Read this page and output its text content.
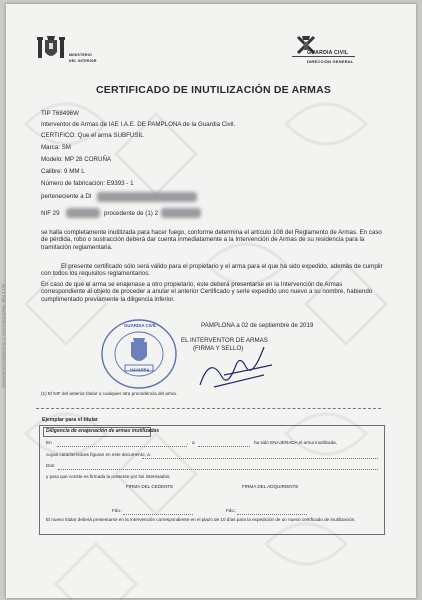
MINISTERIO
DEL INTERIOR
GUARDIA CIVIL
DIRECCIÓN GENERAL
CERTIFICADO DE INUTILIZACIÓN DE ARMAS
TIP T68496W
Interventor de Armas de IAE I.A.E. DE PAMPLONA de la Guardia Civil.
CERTIFICO: Que el arma SUBFUSIL
Marca: SM
Modelo: MP 28 CORUÑA
Calibre: 9 MM L
Número de fabricación: E9393 - 1
perteneciente a DI
NIF 29	procedente de (1) 2
se halla completamente inutilizada para hacer fuego, conforme determina el artículo 108 del Reglamento de Armas. En caso de pérdida, robo o sustracción deberá dar cuenta inmediatamente a la Intervención de Armas de su residencia para la tramitación reglamentaria.
El presente certificado sólo será válido para el propietario y el arma para el que ha sido expedido, además de cumplir con todos los requisitos reglamentarios.
En caso de que el arma se enajenase a otro propietario, este deberá presentarse en la Intervención de Armas correspondiente al objeto de proceder a anular el anterior Certificado y serle expedido uno nuevo a su nombre, habiendo cumplimentado previamente la diligencia inferior.
PAMPLONA a 02 de septiembre de 2019
EL INTERVENTOR DE ARMAS
(FIRMA Y SELLO)
GUARDIA CIVIL
NAVARRA
(1) El NIF del anterior titular o cualquier otra procedencia del arma.
Asociación Pro Huérfanos G. C. (Imprenta Escuela) - Mod. 1.128
Ejemplar para el titular
Diligencia de enajenación de armas inutilizadas
En	, a	ha sido ENAJENADA el arma inutilizada,
cuyas características figuran en este documento, a:
Don
y para que conste es firmada la presente por los interesados.
FIRMA DEL CEDENTE	FIRMA DEL ADQUIRIENTE
Fdo.:	Fdo.:
El nuevo titular deberá presentarse en la Intervención correspondiente en el plazo de 10 días para la expedición de un nuevo certificado de inutilización.
